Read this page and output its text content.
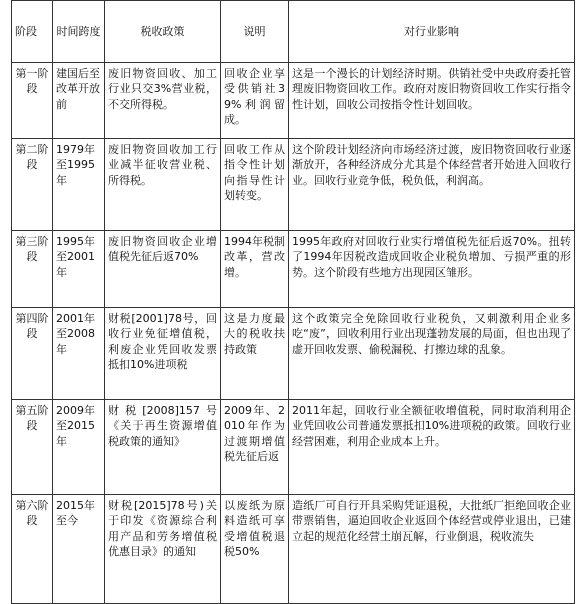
阶段	时间跨度	税收政策	说明	对行业影响
第一阶段	建国后至改革开放前	废旧物资回收、加工行业只交3%营业税，不交所得税。	回收企业享受供销社39%利润留成。	这是一个漫长的计划经济时期。供销社受中央政府委托管理废旧物资回收工作。政府对废旧物资回收工作实行指令性计划，回收公司按指令性计划回收。
第二阶段	1979年至1995年	废旧物资回收加工行业减半征收营业税、所得税。	回收工作从指令性计划向指导性计划转变。	这个阶段计划经济向市场经济过渡，废旧物资回收行业逐渐放开，各种经济成分尤其是个体经营者开始进入回收行业。回收行业竞争低，税负低，利润高。
第三阶段	1995年至2001年	废旧物资回收企业增值税先征后返70%	1994年税制改革，营改增。	1995年政府对回收行业实行增值税先征后返70%。扭转了1994年因税改造成回收企业税负增加、亏损严重的形势。这个阶段有些地方出现园区雏形。
第四阶段	2001年至2008年	财税[2001]78号，回收行业免征增值税，利废企业凭回收发票抵扣10%进项税	这是力度最大的税收扶持政策	这个政策完全免除回收行业税负，又刺激利用企业多吃“废”，回收利用行业出现蓬勃发展的局面，但也出现了虚开回收发票、偷税漏税、打擦边球的乱象。
第五阶段	2009年至2015年	财税[2008]157号《关于再生资源增值税政策的通知》	2009年、2010年作为过渡期增值税先征后返	2011年起，回收行业全额征收增值税，同时取消利用企业凭回收公司普通发票抵扣10%进项税的政策。回收行业经营困难，利用企业成本上升。
第六阶段	2015年至今	财税[2015]78号)关于印发《资源综合利用产品和劳务增值税优惠目录》的通知	以废纸为原料造纸可享受增值税退税50%	造纸厂可自行开具采购凭证退税，大批纸厂拒绝回收企业带票销售，逼迫回收企业返回个体经营或停业退出，已建立起的规范化经营土崩瓦解，行业倒退，税收流失
